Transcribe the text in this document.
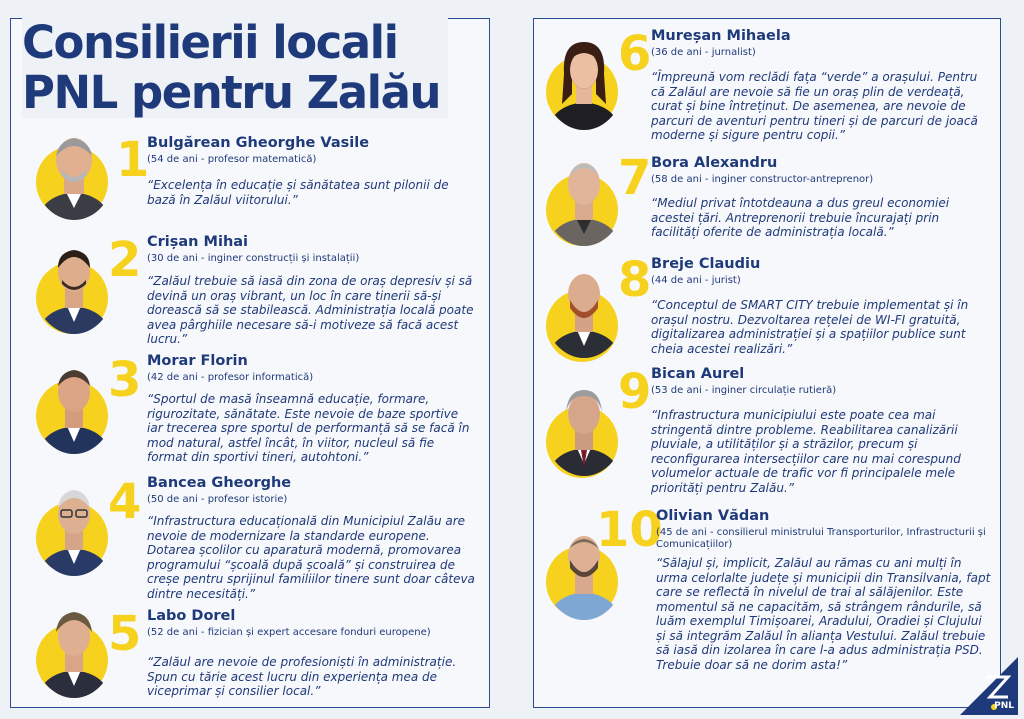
Consilierii locali
PNL pentru Zalău
1
Bulgărean Gheorghe Vasile
(54 de ani - profesor matematică)
“Excelența în educație și sănătatea sunt pilonii de bază în Zalăul viitorului.”
2 Crișan Mihai
(30 de ani - inginer construcții și instalații)
“Zalăul trebuie să iasă din zona de oraș depresiv și să devină un oraș vibrant, un loc în care tinerii să-și dorească să se stabilească. Administrația locală poate avea pârghiile necesare să-i motiveze să facă acest lucru.”
3 Morar Florin
(42 de ani - profesor informatică)
“Sportul de masă înseamnă educație, formare, rigurozitate, sănătate. Este nevoie de baze sportive iar trecerea spre sportul de performanță să se facă în mod natural, astfel încât, în viitor, nucleul să fie format din sportivi tineri, autohtoni.”
4 Bancea Gheorghe
(50 de ani - profesor istorie)
“Infrastructura educațională din Municipiul Zalău are nevoie de modernizare la standarde europene. Dotarea școlilor cu aparatură modernă, promovarea programului “școală după școală” și construirea de creșe pentru sprijinul familiilor tinere sunt doar câteva dintre necesități.”
5 Labo Dorel
(52 de ani - fizician și expert accesare fonduri europene)
“Zalăul are nevoie de profesioniști în administrație. Spun cu tărie acest lucru din experiența mea de viceprimar și consilier local.”
6 Mureșan Mihaela
(36 de ani - jurnalist)
“Împreună vom reclădi fața “verde” a orașului. Pentru că Zalăul are nevoie să fie un oraș plin de verdeață, curat și bine întreținut. De asemenea, are nevoie de parcuri de aventuri pentru tineri și de parcuri de joacă moderne și sigure pentru copii.”
7 Bora Alexandru
(58 de ani - inginer constructor-antreprenor)
“Mediul privat întotdeauna a dus greul economiei acestei țări. Antreprenorii trebuie încurajați prin facilități oferite de administrația locală.”
8 Breje Claudiu
(44 de ani - jurist)
“Conceptul de SMART CITY trebuie implementat și în orașul nostru. Dezvoltarea rețelei de WI-FI gratuită, digitalizarea administrației și a spațiilor publice sunt cheia acestei realizări.”
9 Bican Aurel
(53 de ani - inginer circulație rutieră)
“Infrastructura municipiului este poate cea mai stringentă dintre probleme. Reabilitarea canalizării pluviale, a utilităților și a străzilor, precum și reconfigurarea intersecțiilor care nu mai corespund volumelor actuale de trafic vor fi principalele mele priorități pentru Zalău.”
10
Olivian Vădan
(45 de ani - consilierul ministrului Transporturilor, Infrastructurii și Comunicațiilor)
“Sălajul și, implicit, Zalăul au rămas cu ani mulți în urma celorlalte județe și municipii din Transilvania, fapt care se reflectă în nivelul de trai al sălăjenilor. Este momentul să ne capacităm, să strângem rândurile, să luăm exemplul Timișoarei, Aradului, Oradiei și Clujului și să integrăm Zalăul în alianța Vestului. Zalăul trebuie să iasă din izolarea în care l-a adus administrația PSD. Trebuie doar să ne dorim asta!”
PNL
